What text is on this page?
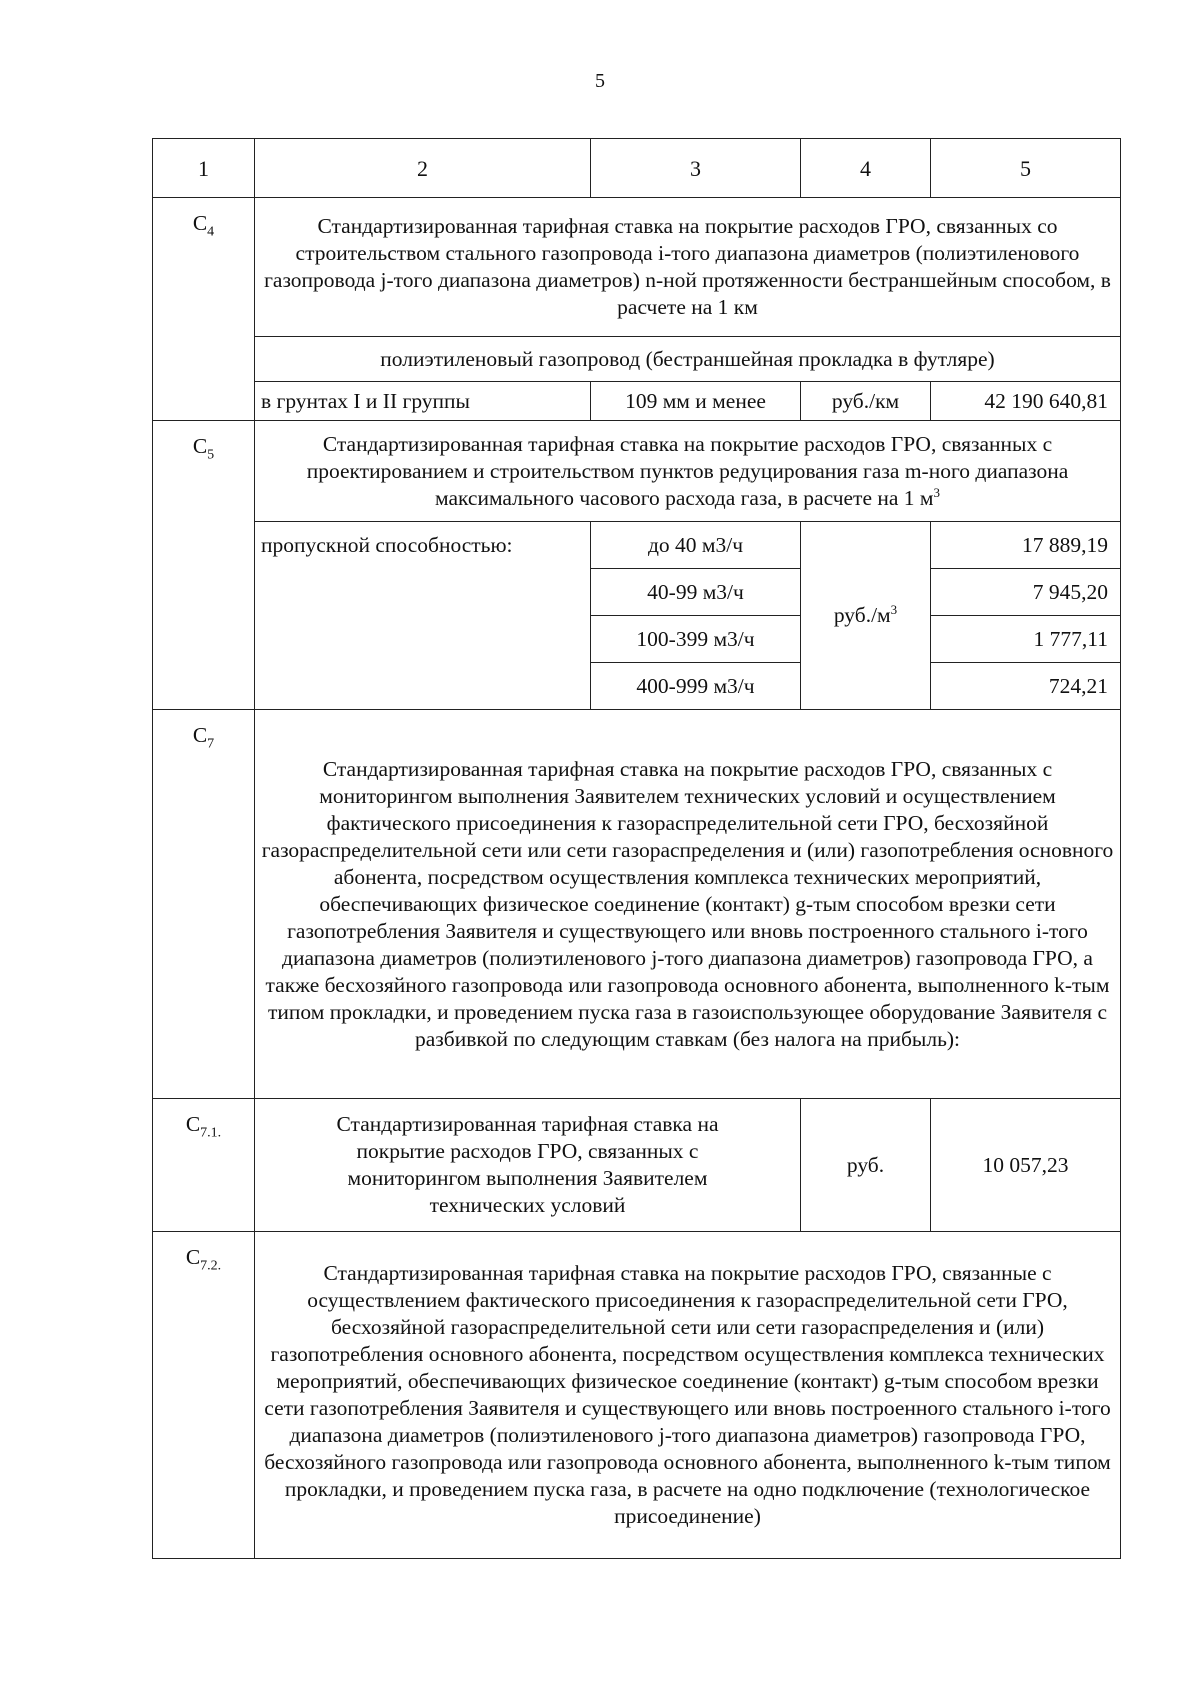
5
1	2	3	4	5
$С_4$	Стандартизированная тарифная ставка на покрытие расходов ГРО, связанных со строительством стального газопровода i-того диапазона диаметров (полиэтиленового газопровода j-того диапазона диаметров) n-ной протяженности бестраншейным способом, в расчете на 1 км			
	полиэтиленовый газопровод (бестраншейная прокладка в футляре)			
	в грунтах I и II группы	109 мм и менее	руб./км	42 190 640,81
$С_5$	Стандартизированная тарифная ставка на покрытие расходов ГРО, связанных с проектированием и строительством пунктов редуцирования газа m-ного диапазона максимального часового расхода газа, в расчете на 1 $м^3$
	пропускной способностью:	до 40 м3/ч	$руб./м^3$	17 889,19
		40-99 м3/ч		7 945,20
		100-399 м3/ч		1 777,11
		400-999 м3/ч		724,21
$С_7$	Стандартизированная тарифная ставка на покрытие расходов ГРО, связанных с мониторингом выполнения Заявителем технических условий и осуществлением фактического присоединения к газораспределительной сети ГРО, бесхозяйной газораспределительной сети или сети газораспределения и (или) газопотребления основного абонента, посредством осуществления комплекса технических мероприятий, обеспечивающих физическое соединение (контакт) g-тым способом врезки сети газопотребления Заявителя и существующего или вновь построенного стального i-того диапазона диаметров (полиэтиленового j-того диапазона диаметров) газопровода ГРО, а также бесхозяйного газопровода или газопровода основного абонента, выполненного k-тым типом прокладки, и проведением пуска газа в газоиспользующее оборудование Заявителя с разбивкой по следующим ставкам (без налога на прибыль):			
$С_{7.1.}$	Стандартизированная тарифная ставка на покрытие расходов ГРО, связанных с мониторингом выполнения Заявителем технических условий		руб.	10 057,23
$С_{7.2.}$	Стандартизированная тарифная ставка на покрытие расходов ГРО, связанные с осуществлением фактического присоединения к газораспределительной сети ГРО, бесхозяйной газораспределительной сети или сети газораспределения и (или) газопотребления основного абонента, посредством осуществления комплекса технических мероприятий, обеспечивающих физическое соединение (контакт) g-тым способом врезки сети газопотребления Заявителя и существующего или вновь построенного стального i-того диапазона диаметров (полиэтиленового j-того диапазона диаметров) газопровода ГРО, бесхозяйного газопровода или газопровода основного абонента, выполненного k-тым типом прокладки, и проведением пуска газа, в расчете на одно подключение (технологическое присоединение)			
